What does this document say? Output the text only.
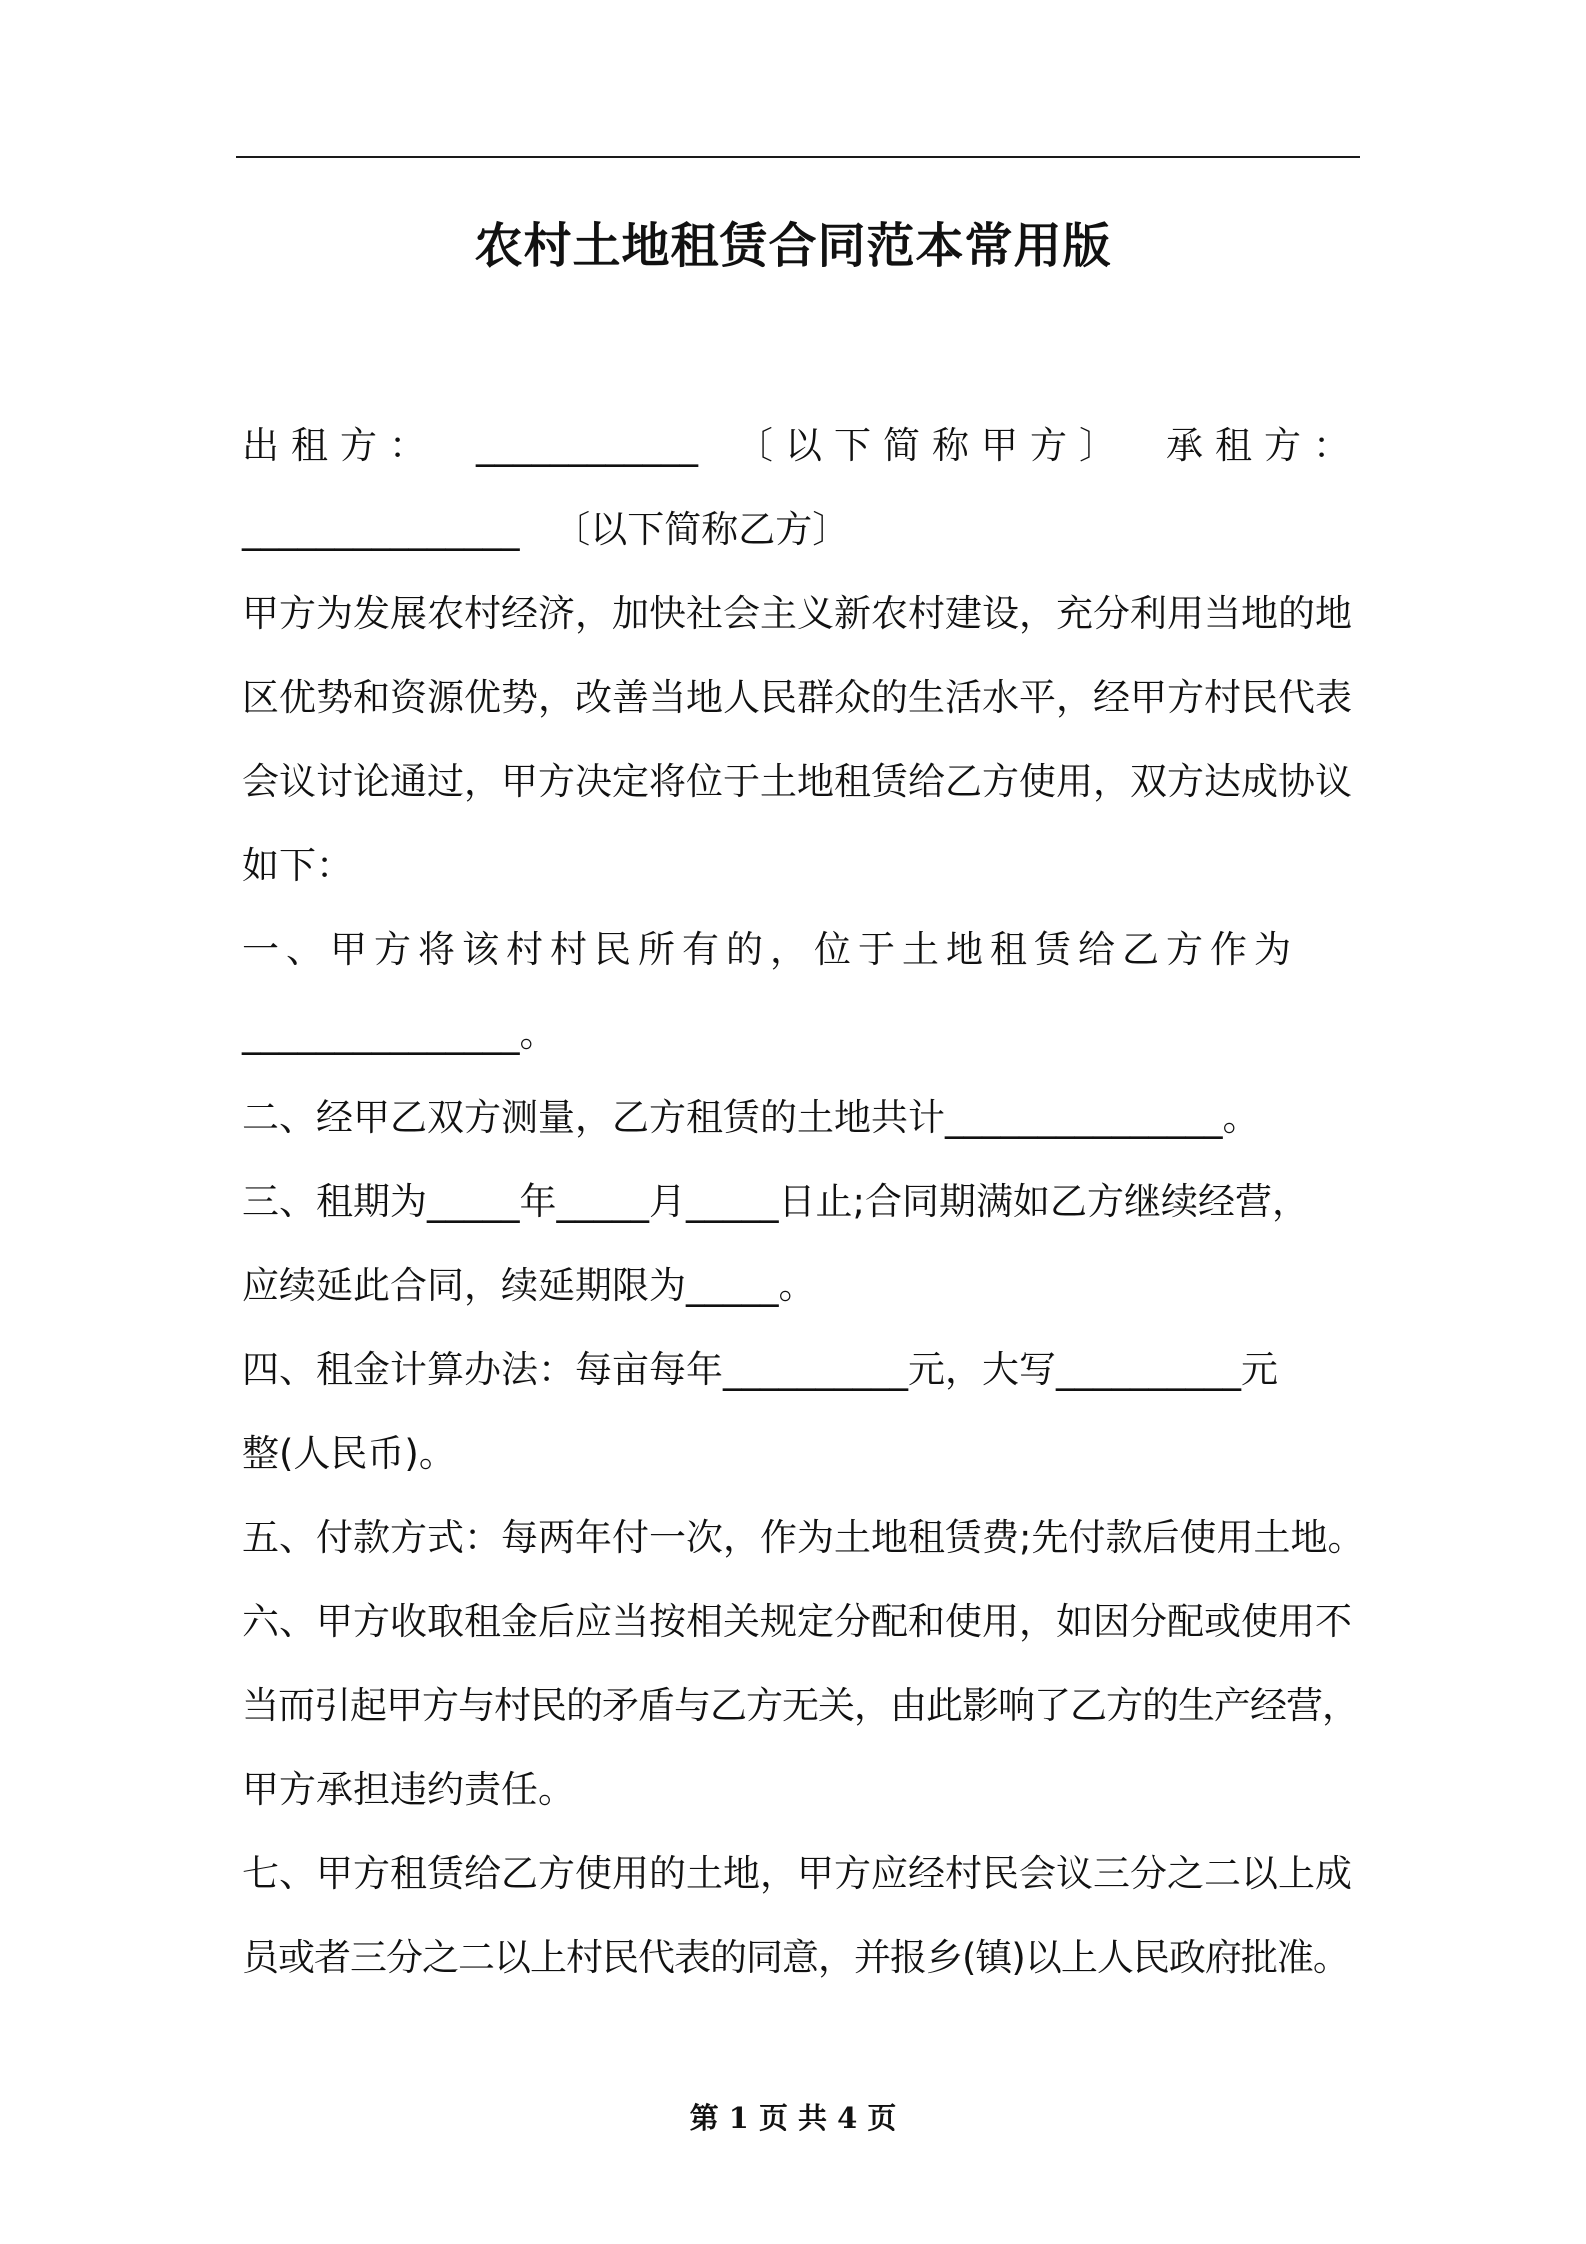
农村土地租赁合同范本常用版
出租方： ____________ 〔以下简称甲方〕 承租方：
_______________ 〔以下简称乙方〕
甲方为发展农村经济，加快社会主义新农村建设，充分利用当地的地
区优势和资源优势，改善当地人民群众的生活水平，经甲方村民代表
会议讨论通过，甲方决定将位于土地租赁给乙方使用，双方达成协议
如下：
一、甲方将该村村民所有的，位于土地租赁给乙方作为
_______________。
二、经甲乙双方测量，乙方租赁的土地共计_______________。
三、租期为_____年_____月_____日止;合同期满如乙方继续经营，
应续延此合同，续延期限为_____。
四、租金计算办法：每亩每年__________元，大写__________元
整(人民币)。
五、付款方式：每两年付一次，作为土地租赁费;先付款后使用土地。
六、甲方收取租金后应当按相关规定分配和使用，如因分配或使用不
当而引起甲方与村民的矛盾与乙方无关，由此影响了乙方的生产经营，
甲方承担违约责任。
七、甲方租赁给乙方使用的土地，甲方应经村民会议三分之二以上成
员或者三分之二以上村民代表的同意，并报乡(镇)以上人民政府批准。
第 1 页 共 4 页
